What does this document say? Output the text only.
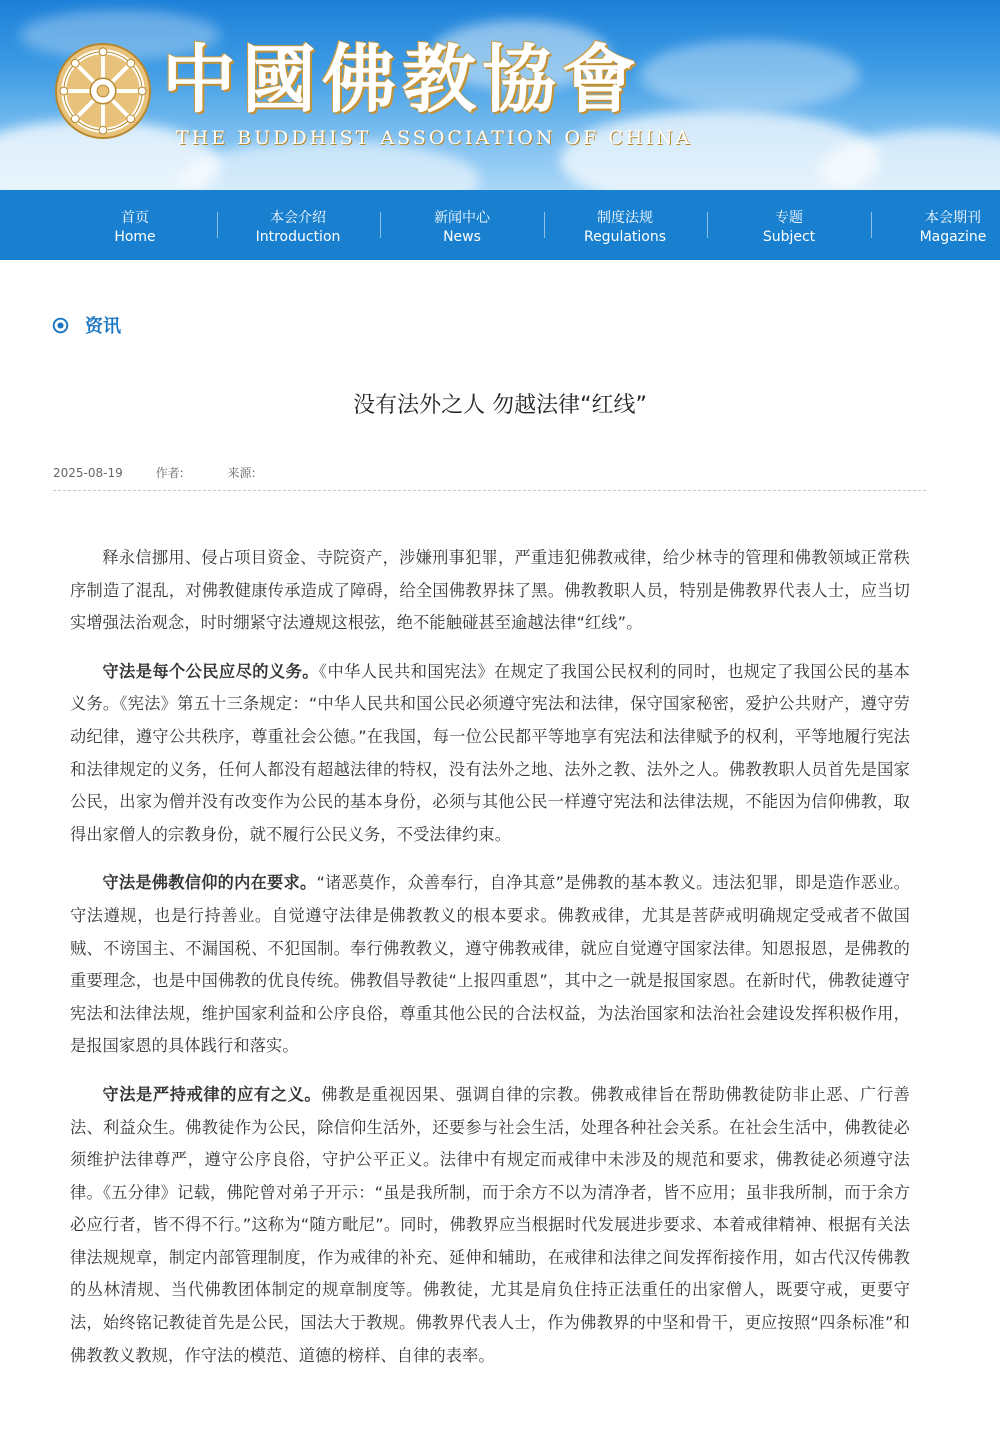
中國佛教協會
THE BUDDHIST ASSOCIATION OF CHINA
首页
Home
本会介绍
Introduction
新闻中心
News
制度法规
Regulations
专题
Subject
本会期刊
Magazine
资讯
没有法外之人 勿越法律“红线”
2025-08-19	作者:	来源:

释永信挪用、侵占项目资金、寺院资产，涉嫌刑事犯罪，严重违犯佛教戒律，给少林寺的管理和佛教领域正常秩序制造了混乱，对佛教健康传承造成了障碍，给全国佛教界抹了黑。佛教教职人员，特别是佛教界代表人士，应当切实增强法治观念，时时绷紧守法遵规这根弦，绝不能触碰甚至逾越法律“红线”。

守法是每个公民应尽的义务。《中华人民共和国宪法》在规定了我国公民权利的同时，也规定了我国公民的基本义务。《宪法》第五十三条规定：“中华人民共和国公民必须遵守宪法和法律，保守国家秘密，爱护公共财产，遵守劳动纪律，遵守公共秩序，尊重社会公德。”在我国，每一位公民都平等地享有宪法和法律赋予的权利，平等地履行宪法和法律规定的义务，任何人都没有超越法律的特权，没有法外之地、法外之教、法外之人。佛教教职人员首先是国家公民，出家为僧并没有改变作为公民的基本身份，必须与其他公民一样遵守宪法和法律法规，不能因为信仰佛教，取得出家僧人的宗教身份，就不履行公民义务，不受法律约束。

守法是佛教信仰的内在要求。“诸恶莫作，众善奉行，自净其意”是佛教的基本教义。违法犯罪，即是造作恶业。守法遵规，也是行持善业。自觉遵守法律是佛教教义的根本要求。佛教戒律，尤其是菩萨戒明确规定受戒者不做国贼、不谤国主、不漏国税、不犯国制。奉行佛教教义，遵守佛教戒律，就应自觉遵守国家法律。知恩报恩，是佛教的重要理念，也是中国佛教的优良传统。佛教倡导教徒“上报四重恩”，其中之一就是报国家恩。在新时代，佛教徒遵守宪法和法律法规，维护国家利益和公序良俗，尊重其他公民的合法权益，为法治国家和法治社会建设发挥积极作用，是报国家恩的具体践行和落实。

守法是严持戒律的应有之义。佛教是重视因果、强调自律的宗教。佛教戒律旨在帮助佛教徒防非止恶、广行善法、利益众生。佛教徒作为公民，除信仰生活外，还要参与社会生活，处理各种社会关系。在社会生活中，佛教徒必须维护法律尊严，遵守公序良俗，守护公平正义。法律中有规定而戒律中未涉及的规范和要求，佛教徒必须遵守法律。《五分律》记载，佛陀曾对弟子开示：“虽是我所制，而于余方不以为清净者，皆不应用；虽非我所制，而于余方必应行者，皆不得不行。”这称为“随方毗尼”。同时，佛教界应当根据时代发展进步要求、本着戒律精神、根据有关法律法规规章，制定内部管理制度，作为戒律的补充、延伸和辅助，在戒律和法律之间发挥衔接作用，如古代汉传佛教的丛林清规、当代佛教团体制定的规章制度等。佛教徒，尤其是肩负住持正法重任的出家僧人，既要守戒，更要守法，始终铭记教徒首先是公民，国法大于教规。佛教界代表人士，作为佛教界的中坚和骨干，更应按照“四条标准”和佛教教义教规，作守法的模范、道德的榜样、自律的表率。
